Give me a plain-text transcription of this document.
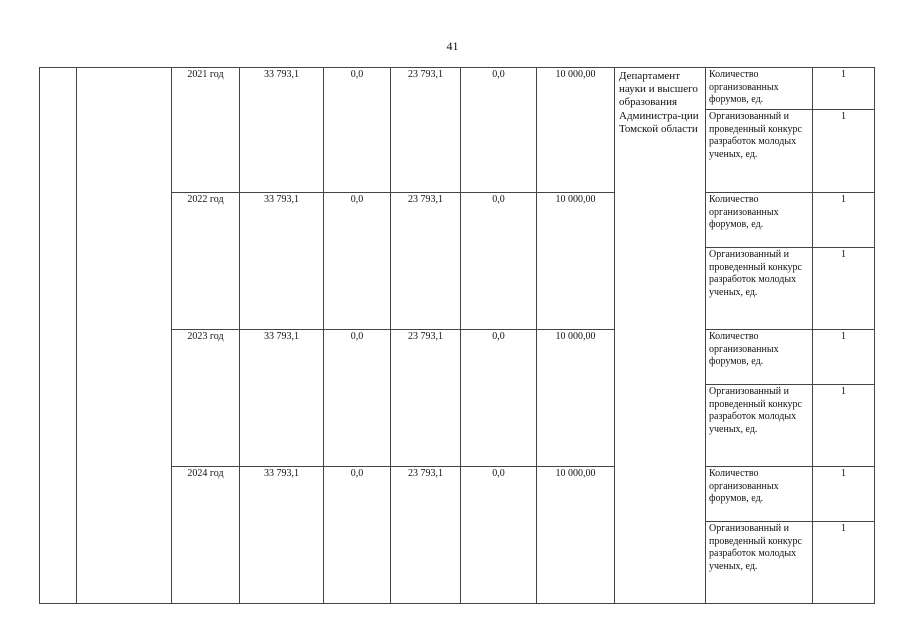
41
		2021 год	33 793,1	0,0	23 793,1	0,0	10 000,00	Департамент науки и высшего образования Администра-ции Томской области	Количество организованных форумов, ед.	1
									Организованный и проведенный конкурс разработок молодых ученых, ед.	1
		2022 год	33 793,1	0,0	23 793,1	0,0	10 000,00		Количество организованных форумов, ед.	1
									Организованный и проведенный конкурс разработок молодых ученых, ед.	1
		2023 год	33 793,1	0,0	23 793,1	0,0	10 000,00		Количество организованных форумов, ед.	1
									Организованный и проведенный конкурс разработок молодых ученых, ед.	1
		2024 год	33 793,1	0,0	23 793,1	0,0	10 000,00		Количество организованных форумов, ед.	1
									Организованный и проведенный конкурс разработок молодых ученых, ед.	1
